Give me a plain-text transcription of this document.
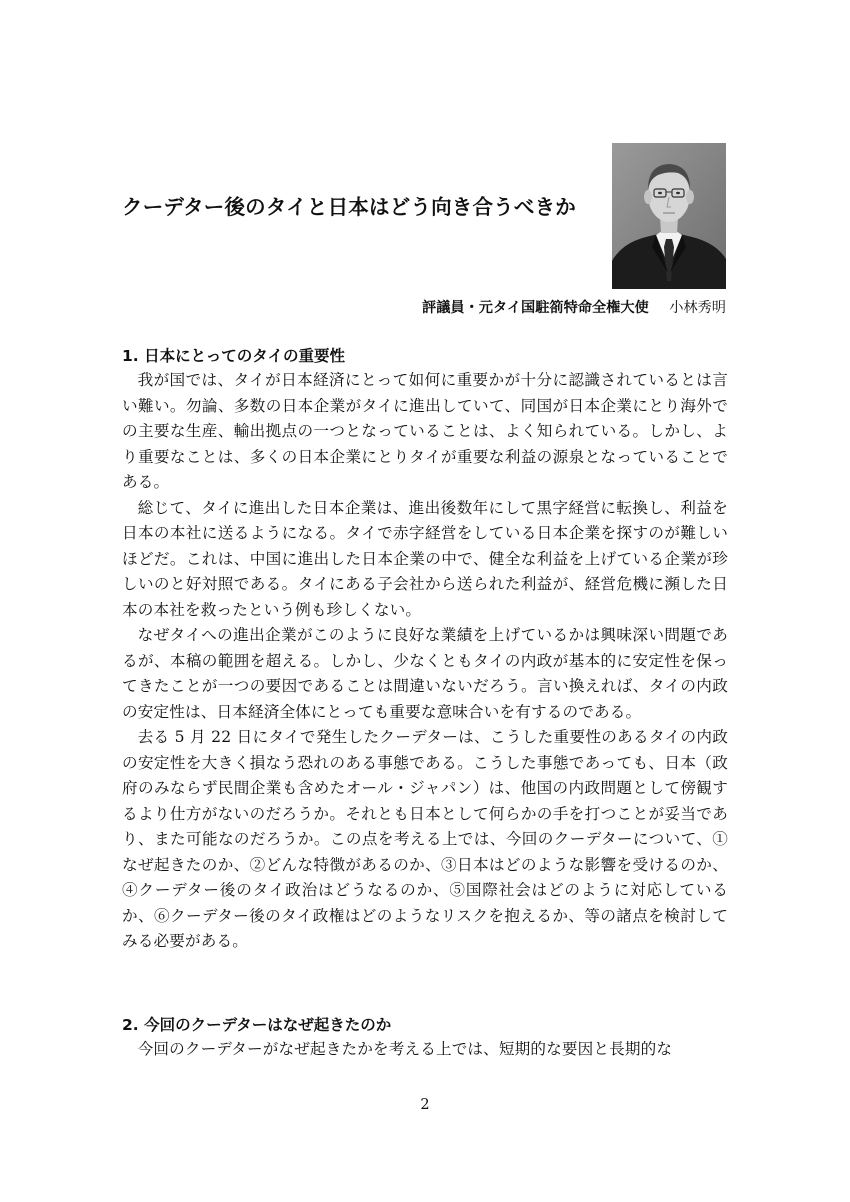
クーデター後のタイと日本はどう向き合うべきか
評議員・元タイ国駐箚特命全権大使 小林秀明
1. 日本にとってのタイの重要性

我が国では、タイが日本経済にとって如何に重要かが十分に認識されているとは言い難い。勿論、多数の日本企業がタイに進出していて、同国が日本企業にとり海外での主要な生産、輸出拠点の一つとなっていることは、よく知られている。しかし、より重要なことは、多くの日本企業にとりタイが重要な利益の源泉となっていることである。

総じて、タイに進出した日本企業は、進出後数年にして黒字経営に転換し、利益を日本の本社に送るようになる。タイで赤字経営をしている日本企業を探すのが難しいほどだ。これは、中国に進出した日本企業の中で、健全な利益を上げている企業が珍しいのと好対照である。タイにある子会社から送られた利益が、経営危機に瀕した日本の本社を救ったという例も珍しくない。

なぜタイへの進出企業がこのように良好な業績を上げているかは興味深い問題であるが、本稿の範囲を超える。しかし、少なくともタイの内政が基本的に安定性を保ってきたことが一つの要因であることは間違いないだろう。言い換えれば、タイの内政の安定性は、日本経済全体にとっても重要な意味合いを有するのである。

去る 5 月 22 日にタイで発生したクーデターは、こうした重要性のあるタイの内政の安定性を大きく損なう恐れのある事態である。こうした事態であっても、日本（政府のみならず民間企業も含めたオール・ジャパン）は、他国の内政問題として傍観するより仕方がないのだろうか。それとも日本として何らかの手を打つことが妥当であり、また可能なのだろうか。この点を考える上では、今回のクーデターについて、①なぜ起きたのか、②どんな特徴があるのか、③日本はどのような影響を受けるのか、④クーデター後のタイ政治はどうなるのか、⑤国際社会はどのように対応しているか、⑥クーデター後のタイ政権はどのようなリスクを抱えるか、等の諸点を検討してみる必要がある。

2. 今回のクーデターはなぜ起きたのか

今回のクーデターがなぜ起きたかを考える上では、短期的な要因と長期的な

2
